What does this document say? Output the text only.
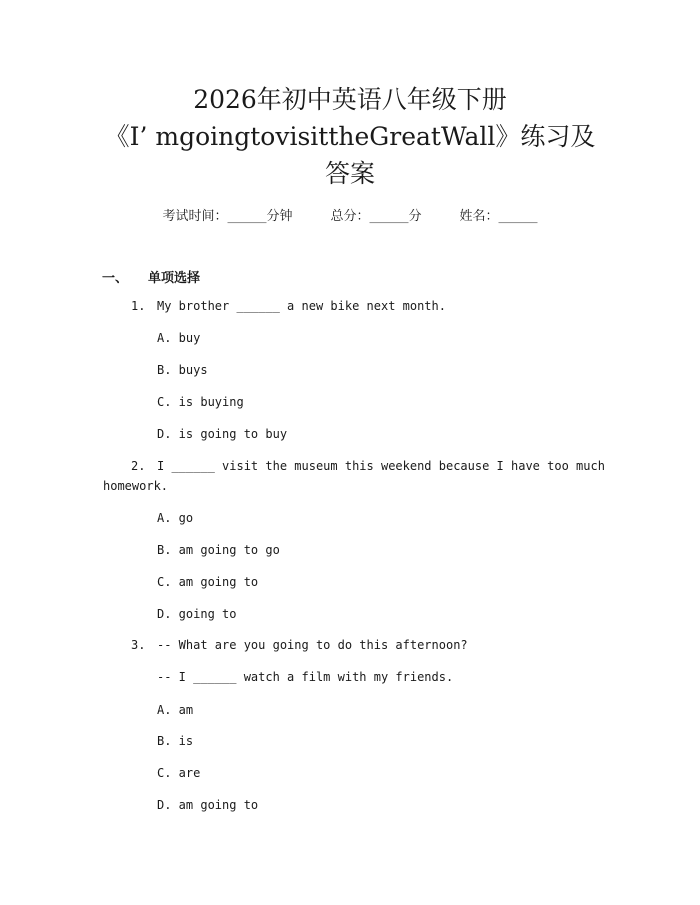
2026年初中英语八年级下册
《I’ mgoingtovisittheGreatWall》练习及
答案
考试时间：______分钟	总分：______分	姓名：______
一、 单项选择
1. My brother ______ a new bike next month.
A. buy
B. buys
C. is buying
D. is going to buy
2. I ______ visit the museum this weekend because I have too much
homework.
A. go
B. am going to go
C. am going to
D. going to
3. -- What are you going to do this afternoon?
-- I ______ watch a film with my friends.
A. am
B. is
C. are
D. am going to
